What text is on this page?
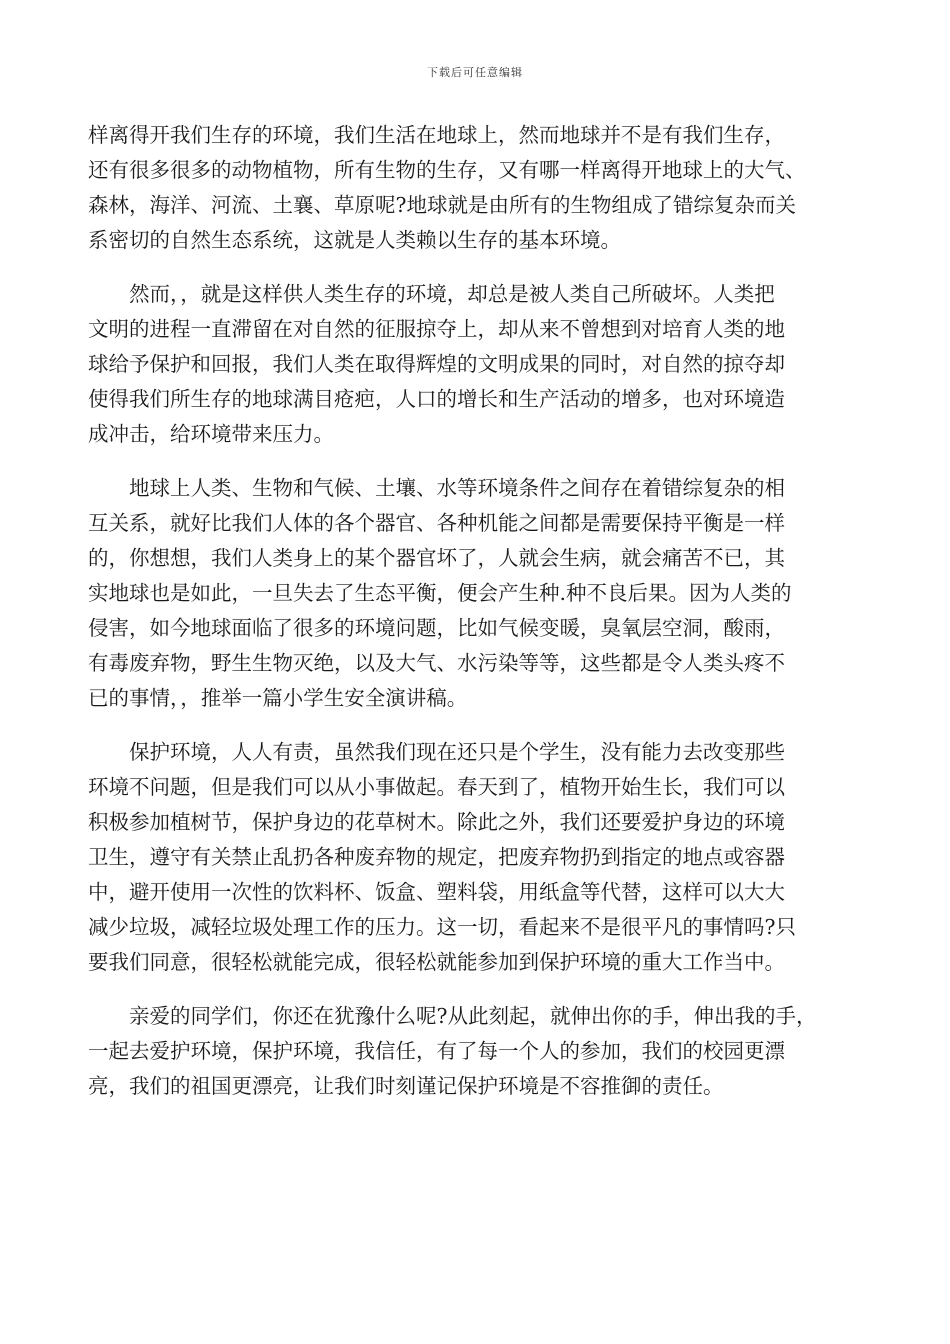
下载后可任意编辑

样离得开我们生存的环境，我们生活在地球上，然而地球并不是有我们生存，
还有很多很多的动物植物，所有生物的生存，又有哪一样离得开地球上的大气、
森林，海洋、河流、土襄、草原呢?地球就是由所有的生物组成了错综复杂而关
系密切的自然生态系统，这就是人类赖以生存的基本环境。

然而，，就是这样供人类生存的环境，却总是被人类自己所破坏。人类把
文明的进程一直滞留在对自然的征服掠夺上，却从来不曾想到对培育人类的地
球给予保护和回报，我们人类在取得辉煌的文明成果的同时，对自然的掠夺却
使得我们所生存的地球满目疮疤，人口的增长和生产活动的增多，也对环境造
成冲击，给环境带来压力。

地球上人类、生物和气候、土壤、水等环境条件之间存在着错综复杂的相
互关系，就好比我们人体的各个器官、各种机能之间都是需要保持平衡是一样
的，你想想，我们人类身上的某个器官坏了，人就会生病，就会痛苦不已，其
实地球也是如此，一旦失去了生态平衡，便会产生种.种不良后果。因为人类的
侵害，如今地球面临了很多的环境问题，比如气候变暖，臭氧层空洞，酸雨，
有毒废弃物，野生生物灭绝，以及大气、水污染等等，这些都是令人类头疼不
已的事情，，推举一篇小学生安全演讲稿。

保护环境，人人有责，虽然我们现在还只是个学生，没有能力去改变那些
环境不问题，但是我们可以从小事做起。春天到了，植物开始生长，我们可以
积极参加植树节，保护身边的花草树木。除此之外，我们还要爱护身边的环境
卫生，遵守有关禁止乱扔各种废弃物的规定，把废弃物扔到指定的地点或容器
中，避开使用一次性的饮料杯、饭盒、塑料袋，用纸盒等代替，这样可以大大
减少垃圾，减轻垃圾处理工作的压力。这一切，看起来不是很平凡的事情吗?只
要我们同意，很轻松就能完成，很轻松就能参加到保护环境的重大工作当中。

亲爱的同学们，你还在犹豫什么呢?从此刻起，就伸出你的手，伸出我的手，
一起去爱护环境，保护环境，我信任，有了每一个人的参加，我们的校园更漂
亮，我们的祖国更漂亮，让我们时刻谨记保护环境是不容推御的责任。
